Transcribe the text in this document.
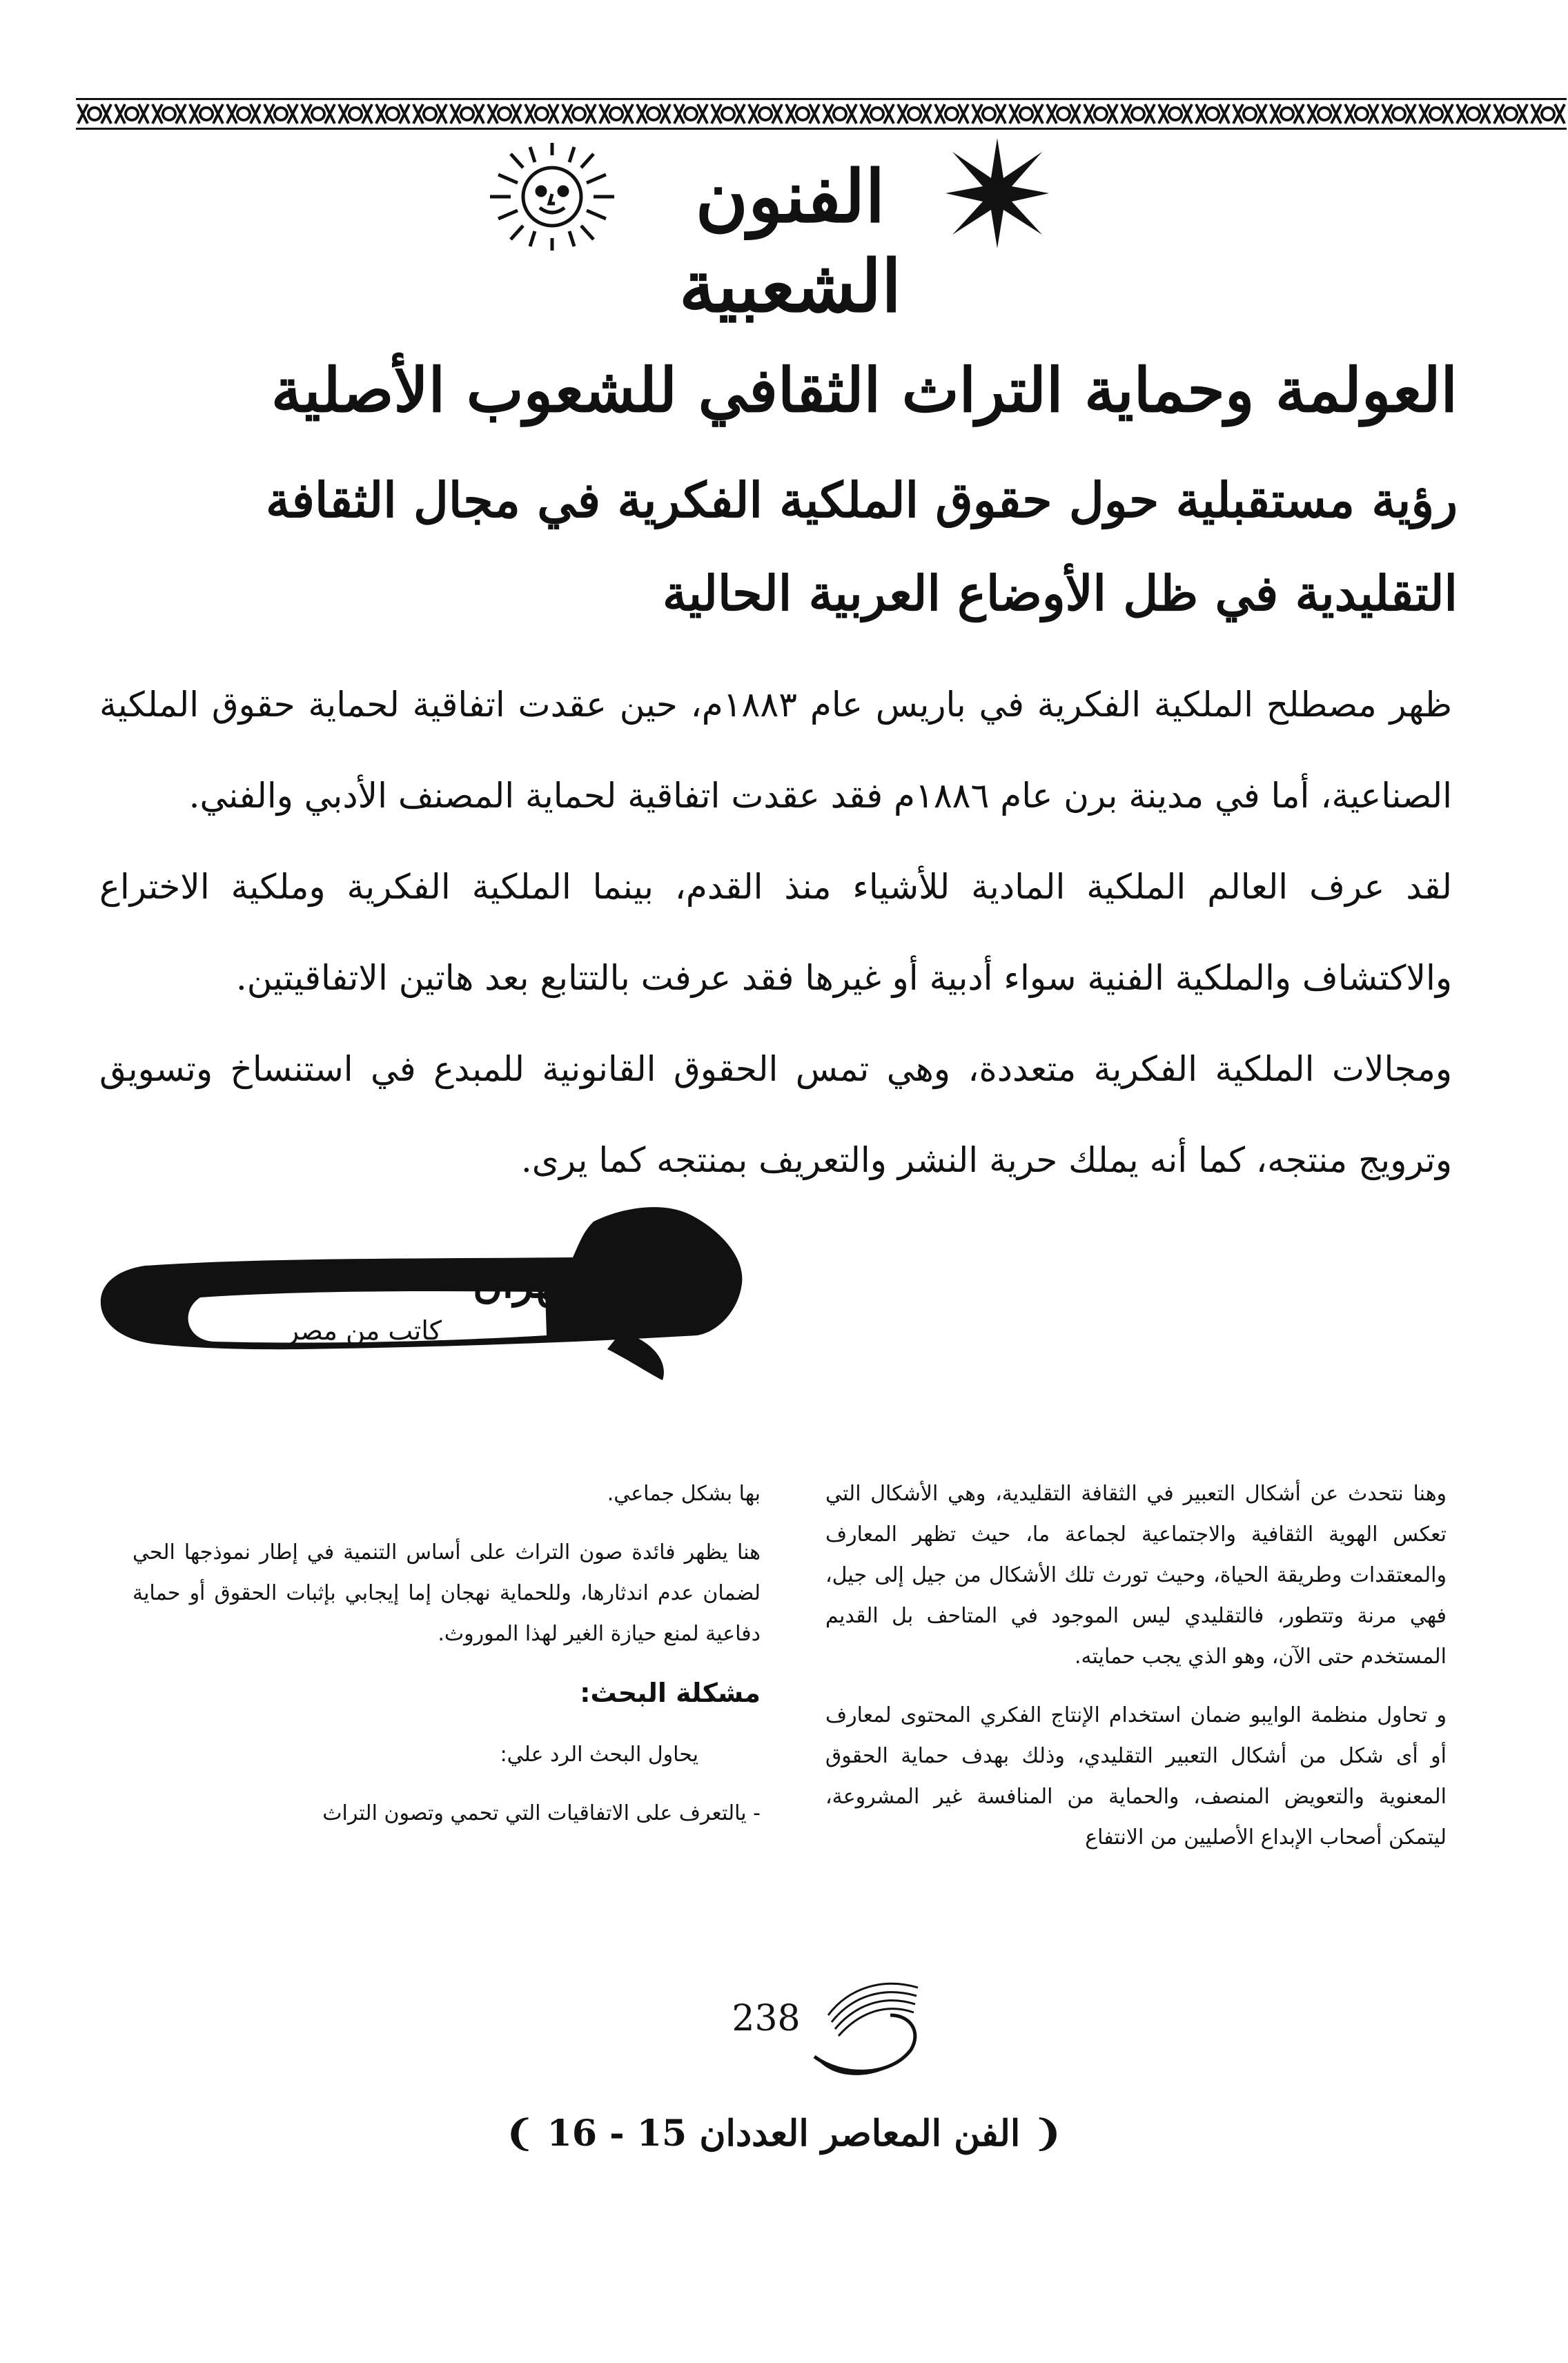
الفنون الشعبية
العولمة وحماية التراث الثقافي للشعوب الأصلية
رؤية مستقبلية حول حقوق الملكية الفكرية في مجال الثقافة
التقليدية في ظل الأوضاع العربية الحالية

ظهر مصطلح الملكية الفكرية في باريس عام ١٨٨٣م، حين عقدت اتفاقية لحماية حقوق الملكية الصناعية، أما في مدينة برن عام ١٨٨٦م فقد عقدت اتفاقية لحماية المصنف الأدبي والفني.

لقد عرف العالم الملكية المادية للأشياء منذ القدم، بينما الملكية الفكرية وملكية الاختراع والاكتشاف والملكية الفنية سواء أدبية أو غيرها فقد عرفت بالتتابع بعد هاتين الاتفاقيتين.

ومجالات الملكية الفكرية متعددة، وهي تمس الحقوق القانونية للمبدع في استنساخ وتسويق وترويج منتجه، كما أنه يملك حرية النشر والتعريف بمنتجه كما يرى.

إيمان مهران
كاتب من مصر

وهنا نتحدث عن أشكال التعبير في الثقافة التقليدية، وهي الأشكال التي تعكس الهوية الثقافية والاجتماعية لجماعة ما، حيث تظهر المعارف والمعتقدات وطريقة الحياة، وحيث تورث تلك الأشكال من جيل إلى جيل، فهي مرنة وتتطور، فالتقليدي ليس الموجود في المتاحف بل القديم المستخدم حتى الآن، وهو الذي يجب حمايته.

و تحاول منظمة الوايبو ضمان استخدام الإنتاج الفكري المحتوى لمعارف أو أى شكل من أشكال التعبير التقليدي، وذلك بهدف حماية الحقوق المعنوية والتعويض المنصف، والحماية من المنافسة غير المشروعة، ليتمكن أصحاب الإبداع الأصليين من الانتفاع

بها بشكل جماعي.

هنا يظهر فائدة صون التراث على أساس التنمية في إطار نموذجها الحي لضمان عدم اندثارها، وللحماية نهجان إما إيجابي بإثبات الحقوق أو حماية دفاعية لمنع حيازة الغير لهذا الموروث.

مشكلة البحث:

يحاول البحث الرد علي:

- يالتعرف على الاتفاقيات التي تحمي وتصون التراث

238
❨ الفن المعاصر العددان 15 - 16 ❩
